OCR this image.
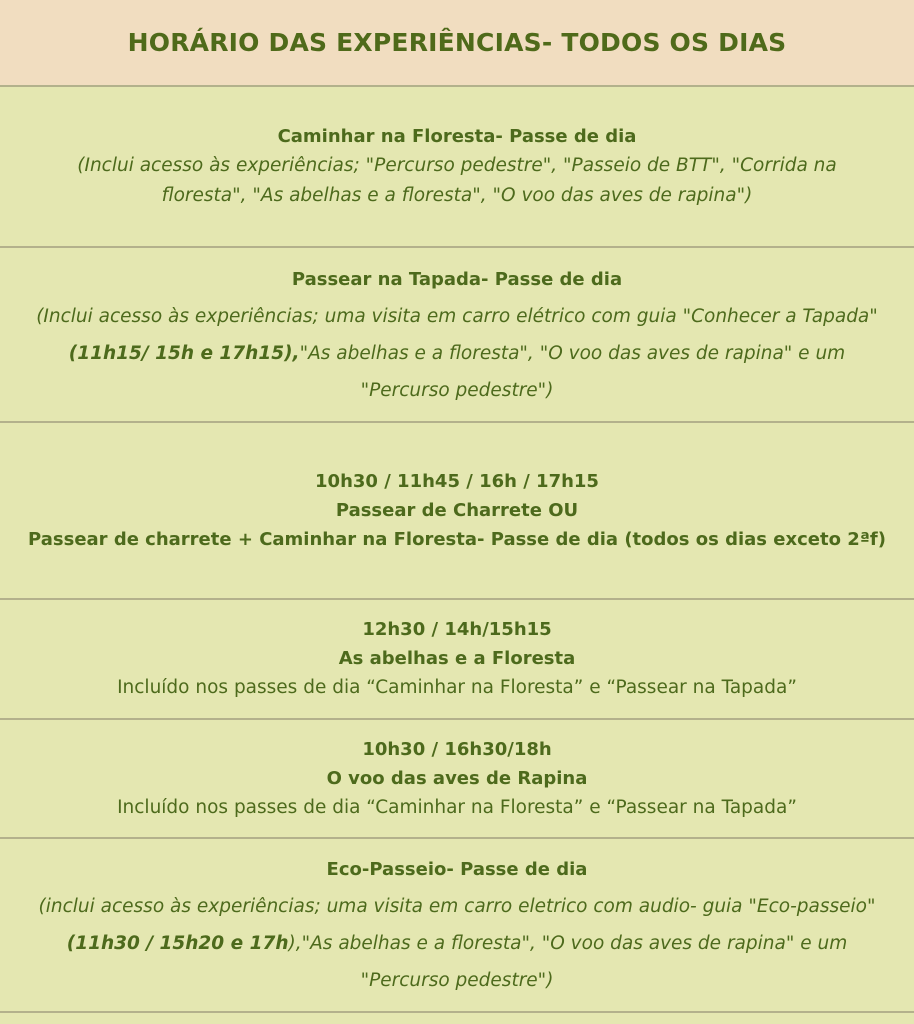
HORÁRIO DAS EXPERIÊNCIAS- TODOS OS DIAS
Caminhar na Floresta- Passe de dia
(Inclui acesso às experiências; "Percurso pedestre", "Passeio de BTT", "Corrida na floresta", "As abelhas e a floresta", "O voo das aves de rapina")
Passear na Tapada- Passe de dia
(Inclui acesso às experiências; uma visita em carro elétrico com guia "Conhecer a Tapada"(11h15/ 15h e 17h15),"As abelhas e a floresta", "O voo das aves de rapina" e um "Percurso pedestre")
10h30 / 11h45 / 16h / 17h15
Passear de Charrete OU
Passear de charrete + Caminhar na Floresta- Passe de dia (todos os dias exceto 2ªf)
12h30 / 14h/15h15
As abelhas e a Floresta
Incluído nos passes de dia “Caminhar na Floresta” e “Passear na Tapada”
10h30 / 16h30/18h
O voo das aves de Rapina
Incluído nos passes de dia “Caminhar na Floresta” e “Passear na Tapada”
Eco-Passeio- Passe de dia
(inclui acesso às experiências; uma visita em carro eletrico com audio- guia "Eco-passeio"(11h30 / 15h20 e 17h),"As abelhas e a floresta", "O voo das aves de rapina" e um "Percurso pedestre")
